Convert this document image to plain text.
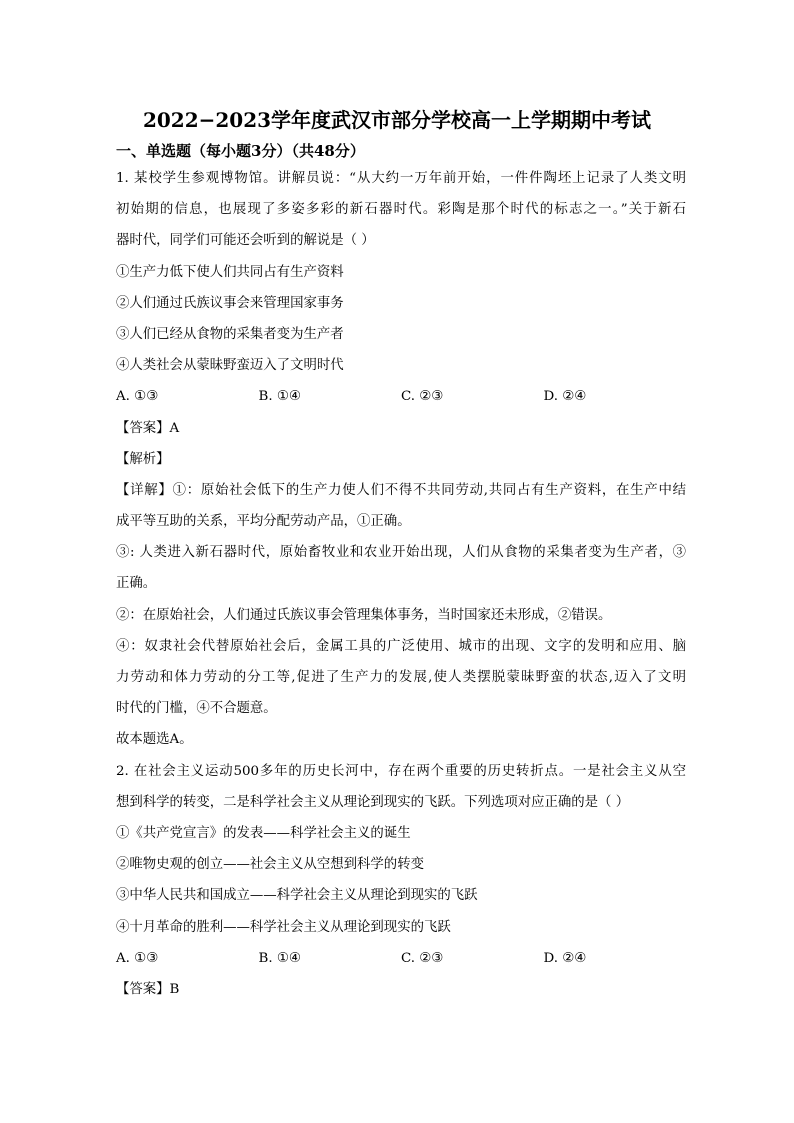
2022−2023学年度武汉市部分学校高一上学期期中考试
一、单选题（每小题3分）（共48分）
1. 某校学生参观博物馆。讲解员说：“从大约一万年前开始，一件件陶坯上记录了人类文明
初始期的信息，也展现了多姿多彩的新石器时代。彩陶是那个时代的标志之一。”关于新石
器时代，同学们可能还会听到的解说是（ ）
①生产力低下使人们共同占有生产资料
②人们通过氏族议事会来管理国家事务
③人们已经从食物的采集者变为生产者
④人类社会从蒙昧野蛮迈入了文明时代
A. ①③	B. ①④	C. ②③	D. ②④
【答案】A
【解析】
【详解】①：原始社会低下的生产力使人们不得不共同劳动,共同占有生产资料，在生产中结
成平等互助的关系，平均分配劳动产品，①正确。
③: 人类进入新石器时代，原始畜牧业和农业开始出现，人们从食物的采集者变为生产者，③
正确。
②：在原始社会，人们通过氏族议事会管理集体事务，当时国家还未形成，②错误。
④：奴隶社会代替原始社会后，金属工具的广泛使用、城市的出现、文字的发明和应用、脑
力劳动和体力劳动的分工等,促进了生产力的发展,使人类摆脱蒙昧野蛮的状态,迈入了文明
时代的门槛，④不合题意。
故本题选A。
2. 在社会主义运动500多年的历史长河中，存在两个重要的历史转折点。一是社会主义从空
想到科学的转变，二是科学社会主义从理论到现实的飞跃。下列选项对应正确的是（ ）
①《共产党宣言》的发表——科学社会主义的诞生
②唯物史观的创立——社会主义从空想到科学的转变
③中华人民共和国成立——科学社会主义从理论到现实的飞跃
④十月革命的胜利——科学社会主义从理论到现实的飞跃
A. ①③	B. ①④	C. ②③	D. ②④
【答案】B
